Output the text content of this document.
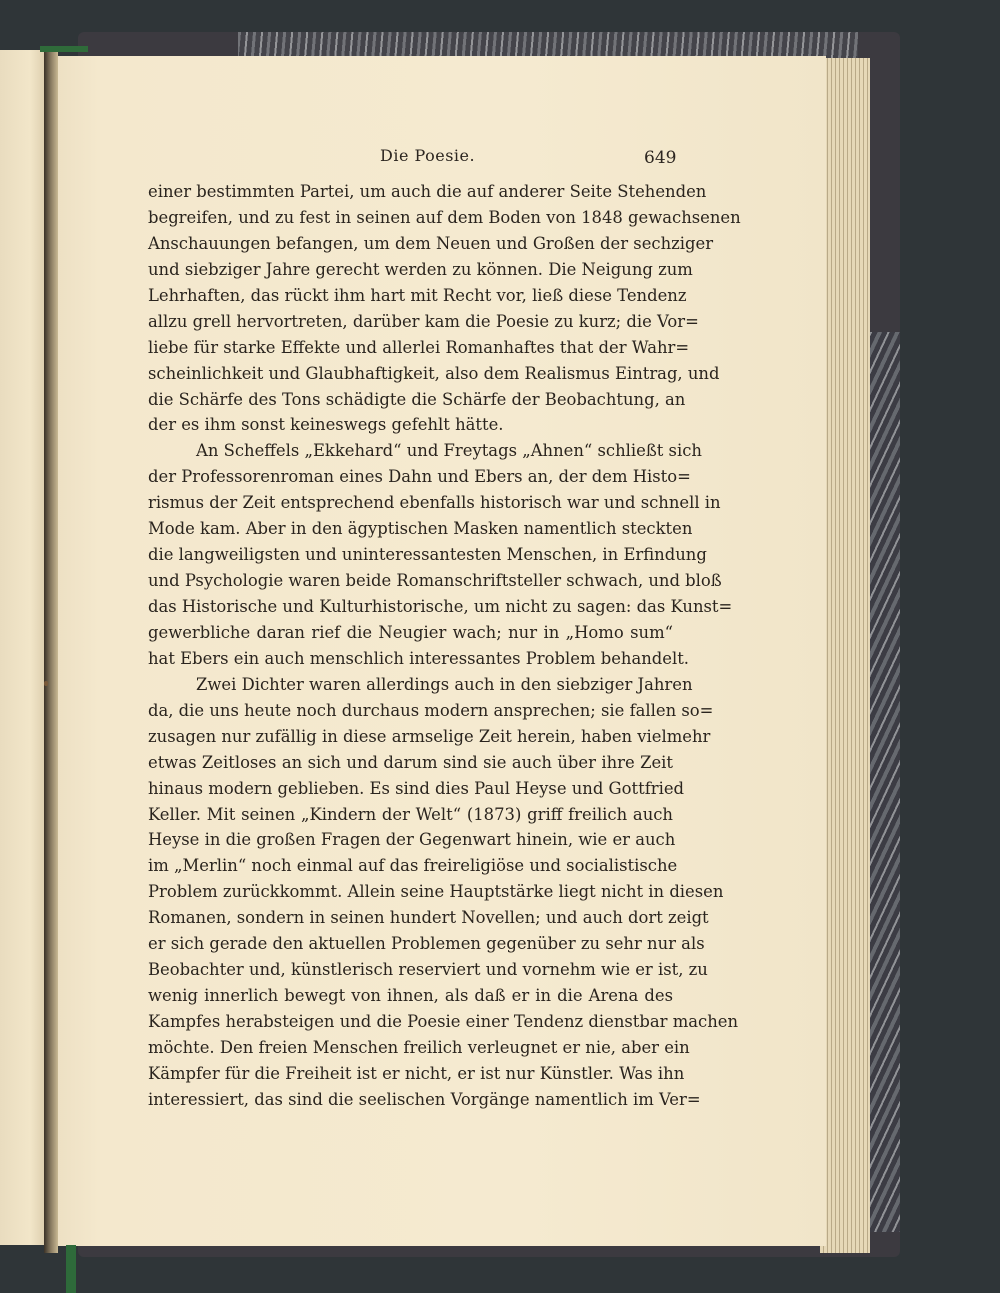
Die Poesie.	649
einer bestimmten Partei, um auch die auf anderer Seite Stehenden
begreifen, und zu fest in seinen auf dem Boden von 1848 gewachsenen
Anschauungen befangen, um dem Neuen und Großen der sechziger
und siebziger Jahre gerecht werden zu können. Die Neigung zum
Lehrhaften, das rückt ihm hart mit Recht vor, ließ diese Tendenz
allzu grell hervortreten, darüber kam die Poesie zu kurz; die Vor=
liebe für starke Effekte und allerlei Romanhaftes that der Wahr=
scheinlichkeit und Glaubhaftigkeit, also dem Realismus Eintrag, und
die Schärfe des Tons schädigte die Schärfe der Beobachtung, an
der es ihm sonst keineswegs gefehlt hätte.
An Scheffels „Ekkehard“ und Freytags „Ahnen“ schließt sich
der Professorenroman eines Dahn und Ebers an, der dem Histo=
rismus der Zeit entsprechend ebenfalls historisch war und schnell in
Mode kam. Aber in den ägyptischen Masken namentlich steckten
die langweiligsten und uninteressantesten Menschen, in Erfindung
und Psychologie waren beide Romanschriftsteller schwach, und bloß
das Historische und Kulturhistorische, um nicht zu sagen: das Kunst=
gewerbliche daran rief die Neugier wach; nur in „Homo sum“
hat Ebers ein auch menschlich interessantes Problem behandelt.
Zwei Dichter waren allerdings auch in den siebziger Jahren
da, die uns heute noch durchaus modern ansprechen; sie fallen so=
zusagen nur zufällig in diese armselige Zeit herein, haben vielmehr
etwas Zeitloses an sich und darum sind sie auch über ihre Zeit
hinaus modern geblieben. Es sind dies Paul Heyse und Gottfried
Keller. Mit seinen „Kindern der Welt“ (1873) griff freilich auch
Heyse in die großen Fragen der Gegenwart hinein, wie er auch
im „Merlin“ noch einmal auf das freireligiöse und socialistische
Problem zurückkommt. Allein seine Hauptstärke liegt nicht in diesen
Romanen, sondern in seinen hundert Novellen; und auch dort zeigt
er sich gerade den aktuellen Problemen gegenüber zu sehr nur als
Beobachter und, künstlerisch reserviert und vornehm wie er ist, zu
wenig innerlich bewegt von ihnen, als daß er in die Arena des
Kampfes herabsteigen und die Poesie einer Tendenz dienstbar machen
möchte. Den freien Menschen freilich verleugnet er nie, aber ein
Kämpfer für die Freiheit ist er nicht, er ist nur Künstler. Was ihn
interessiert, das sind die seelischen Vorgänge namentlich im Ver=
